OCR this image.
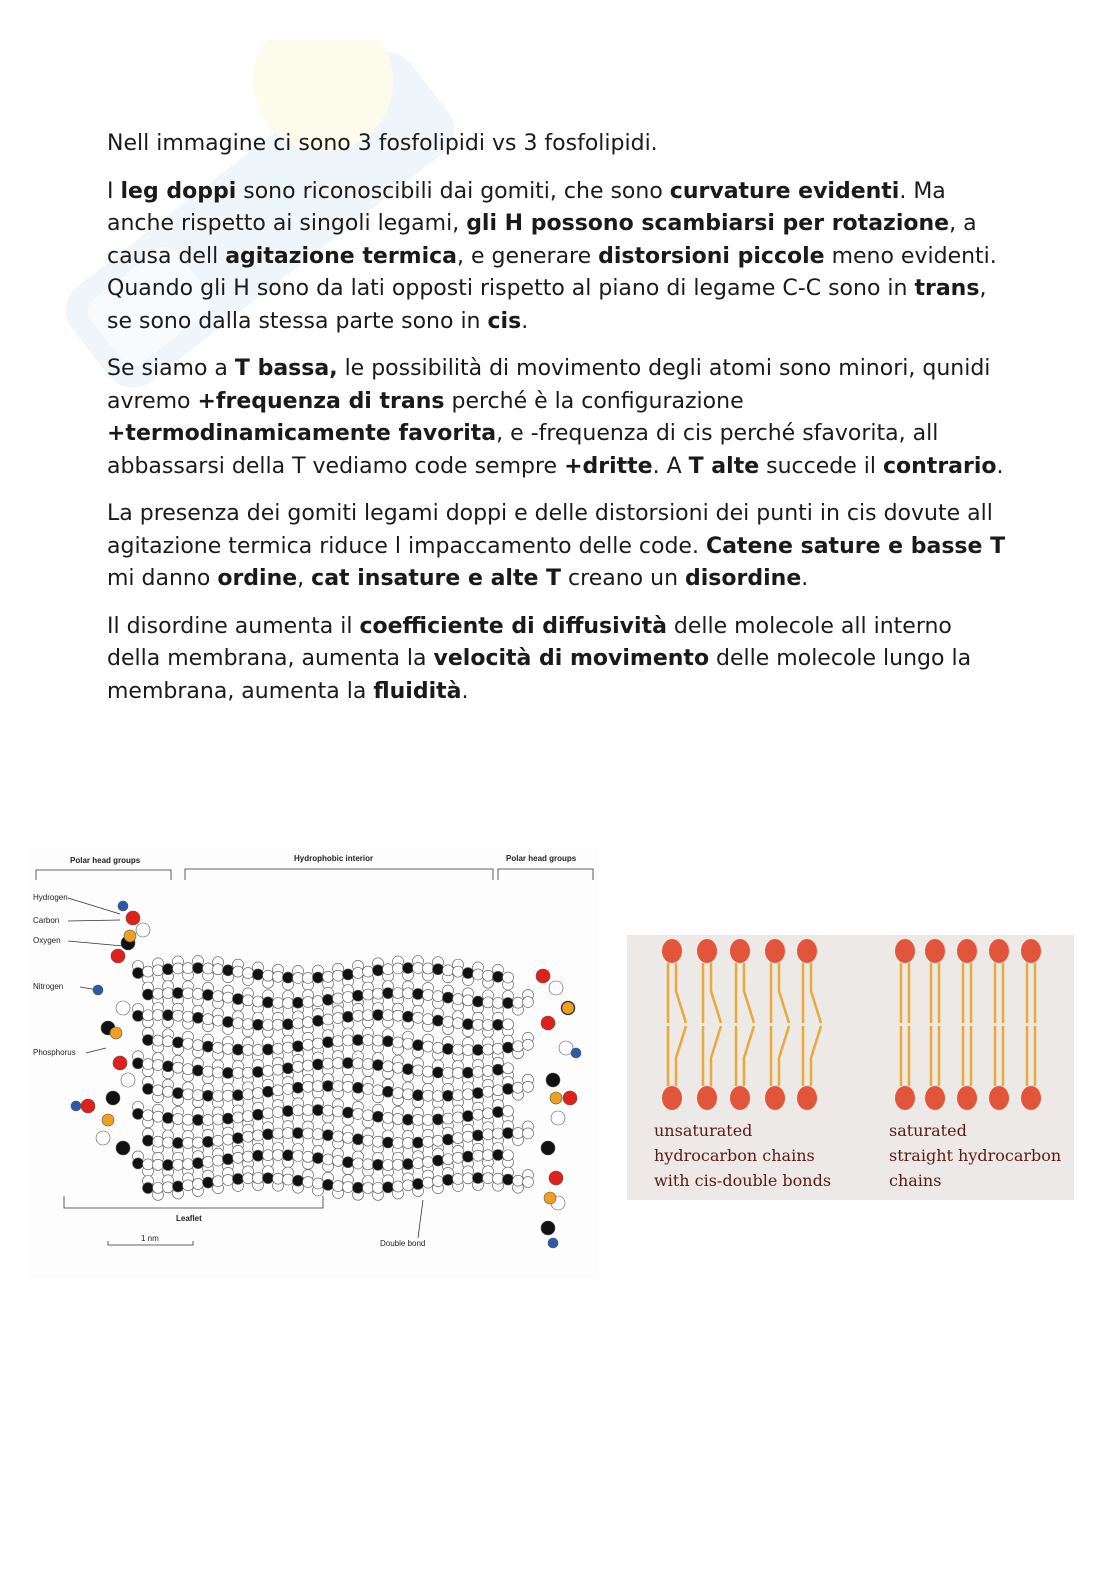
Nell immagine ci sono 3 fosfolipidi vs 3 fosfolipidi.

I leg doppi sono riconoscibili dai gomiti, che sono curvature evidenti. Ma anche rispetto ai singoli legami, gli H possono scambiarsi per rotazione, a causa dell agitazione termica, e generare distorsioni piccole meno evidenti. Quando gli H sono da lati opposti rispetto al piano di legame C-C sono in trans, se sono dalla stessa parte sono in cis.

Se siamo a T bassa, le possibilità di movimento degli atomi sono minori, qunidi avremo +frequenza di trans perché è la configurazione +termodinamicamente favorita, e -frequenza di cis perché sfavorita, all abbassarsi della T vediamo code sempre +dritte. A T alte succede il contrario.

La presenza dei gomiti legami doppi e delle distorsioni dei punti in cis dovute all agitazione termica riduce l impaccamento delle code. Catene sature e basse T mi danno ordine, cat insature e alte T creano un disordine.

Il disordine aumenta il coefficiente di diffusività delle molecole all interno della membrana, aumenta la velocità di movimento delle molecole lungo la membrana, aumenta la fluidità.

Polar head groups	Hydrophobic interior	Polar head groups
Hydrogen
Carbon
Oxygen
Nitrogen
Phosphorus
Leaflet
1 nm
Double bond
unsaturated
hydrocarbon chains
with cis-double bonds
saturated
straight hydrocarbon
chains
